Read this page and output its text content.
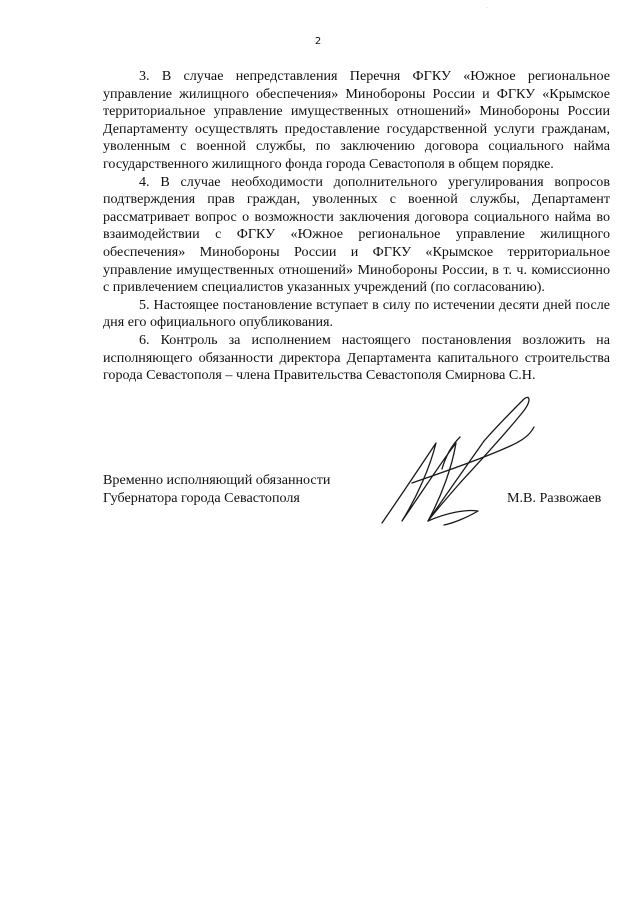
·
2

3. В случае непредставления Перечня ФГКУ «Южное региональное управление жилищного обеспечения» Минобороны России и ФГКУ «Крымское территориальное управление имущественных отношений» Минобороны России Департаменту осуществлять предоставление государственной услуги гражданам, уволенным с военной службы, по заключению договора социального найма государственного жилищного фонда города Севастополя в общем порядке.

4. В случае необходимости дополнительного урегулирования вопросов подтверждения прав граждан, уволенных с военной службы, Департамент рассматривает вопрос о возможности заключения договора социального найма во взаимодействии с ФГКУ «Южное региональное управление жилищного обеспечения» Минобороны России и ФГКУ «Крымское территориальное управление имущественных отношений» Минобороны России, в т. ч. комиссионно с привлечением специалистов указанных учреждений (по согласованию).

5. Настоящее постановление вступает в силу по истечении десяти дней после дня его официального опубликования.

6. Контроль за исполнением настоящего постановления возложить на исполняющего обязанности директора Департамента капитального строительства города Севастополя – члена Правительства Севастополя Смирнова С.Н.

Временно исполняющий обязанности
Губернатора города Севастополя	М.В. Развожаев
